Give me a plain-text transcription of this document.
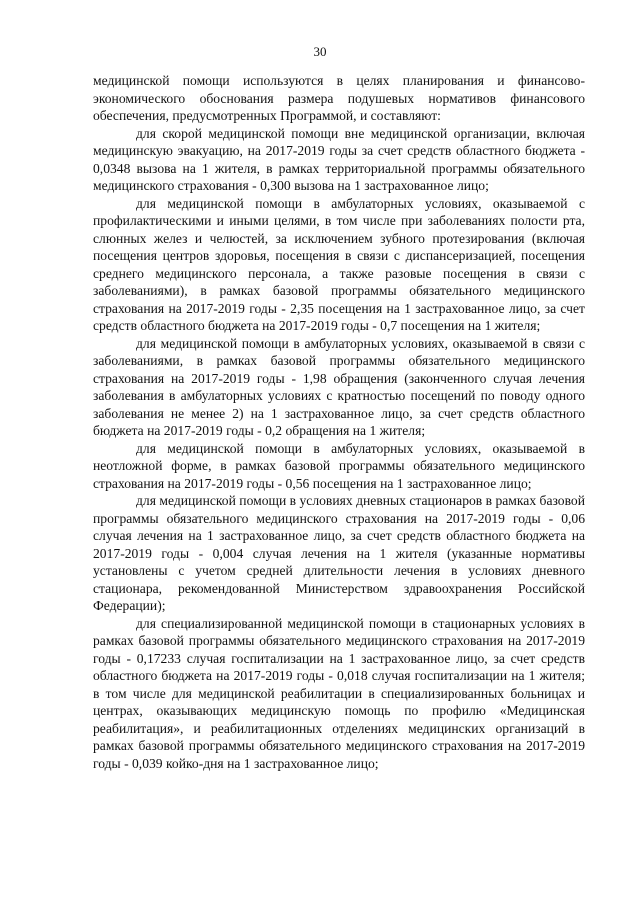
30

медицинской помощи используются в целях планирования и финансово-экономического обоснования размера подушевых нормативов финансового обеспечения, предусмотренных Программой, и составляют:

для скорой медицинской помощи вне медицинской организации, включая медицинскую эвакуацию, на 2017-2019 годы за счет средств областного бюджета - 0,0348 вызова на 1 жителя, в рамках территориальной программы обязательного медицинского страхования - 0,300 вызова на 1 застрахованное лицо;

для медицинской помощи в амбулаторных условиях, оказываемой с профилактическими и иными целями, в том числе при заболеваниях полости рта, слюнных желез и челюстей, за исключением зубного протезирования (включая посещения центров здоровья, посещения в связи с диспансеризацией, посещения среднего медицинского персонала, а также разовые посещения в связи с заболеваниями), в рамках базовой программы обязательного медицинского страхования на 2017-2019 годы - 2,35 посещения на 1 застрахованное лицо, за счет средств областного бюджета на 2017-2019 годы - 0,7 посещения на 1 жителя;

для медицинской помощи в амбулаторных условиях, оказываемой в связи с заболеваниями, в рамках базовой программы обязательного медицинского страхования на 2017-2019 годы - 1,98 обращения (законченного случая лечения заболевания в амбулаторных условиях с кратностью посещений по поводу одного заболевания не менее 2) на 1 застрахованное лицо, за счет средств областного бюджета на 2017-2019 годы - 0,2 обращения на 1 жителя;

для медицинской помощи в амбулаторных условиях, оказываемой в неотложной форме, в рамках базовой программы обязательного медицинского страхования на 2017-2019 годы - 0,56 посещения на 1 застрахованное лицо;

для медицинской помощи в условиях дневных стационаров в рамках базовой программы обязательного медицинского страхования на 2017-2019 годы - 0,06 случая лечения на 1 застрахованное лицо, за счет средств областного бюджета на 2017-2019 годы - 0,004 случая лечения на 1 жителя (указанные нормативы установлены с учетом средней длительности лечения в условиях дневного стационара, рекомендованной Министерством здравоохранения Российской Федерации);

для специализированной медицинской помощи в стационарных условиях в рамках базовой программы обязательного медицинского страхования на 2017-2019 годы - 0,17233 случая госпитализации на 1 застрахованное лицо, за счет средств областного бюджета на 2017-2019 годы - 0,018 случая госпитализации на 1 жителя; в том числе для медицинской реабилитации в специализированных больницах и центрах, оказывающих медицинскую помощь по профилю «Медицинская реабилитация», и реабилитационных отделениях медицинских организаций в рамках базовой программы обязательного медицинского страхования на 2017-2019 годы - 0,039 койко-дня на 1 застрахованное лицо;
